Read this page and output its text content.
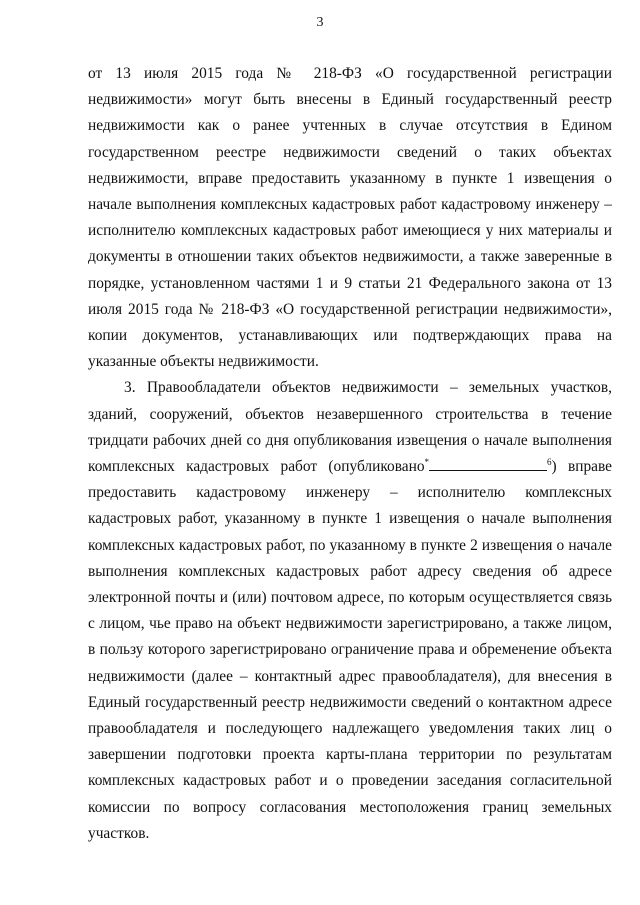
3

от 13 июля 2015 года № 218-ФЗ «О государственной регистрации недвижимости» могут быть внесены в Единый государственный реестр недвижимости как о ранее учтенных в случае отсутствия в Едином государственном реестре недвижимости сведений о таких объектах недвижимости, вправе предоставить указанному в пункте 1 извещения о начале выполнения комплексных кадастровых работ кадастровому инженеру – исполнителю комплексных кадастровых работ имеющиеся у них материалы и документы в отношении таких объектов недвижимости, а также заверенные в порядке, установленном частями 1 и 9 статьи 21 Федерального закона от 13 июля 2015 года № 218-ФЗ «О государственной регистрации недвижимости», копии документов, устанавливающих или подтверждающих права на указанные объекты недвижимости.

3. Правообладатели объектов недвижимости – земельных участков, зданий, сооружений, объектов незавершенного строительства в течение тридцати рабочих дней со дня опубликования извещения о начале выполнения комплексных кадастровых работ (опубликовано*	$^6$) вправе предоставить кадастровому инженеру – исполнителю комплексных кадастровых работ, указанному в пункте 1 извещения о начале выполнения комплексных кадастровых работ, по указанному в пункте 2 извещения о начале выполнения комплексных кадастровых работ адресу сведения об адресе электронной почты и (или) почтовом адресе, по которым осуществляется связь с лицом, чье право на объект недвижимости зарегистрировано, а также лицом, в пользу которого зарегистрировано ограничение права и обременение объекта недвижимости (далее – контактный адрес правообладателя), для внесения в Единый государственный реестр недвижимости сведений о контактном адресе правообладателя и последующего надлежащего уведомления таких лиц о завершении подготовки проекта карты-плана территории по результатам комплексных кадастровых работ и о проведении заседания согласительной комиссии по вопросу согласования местоположения границ земельных участков.
